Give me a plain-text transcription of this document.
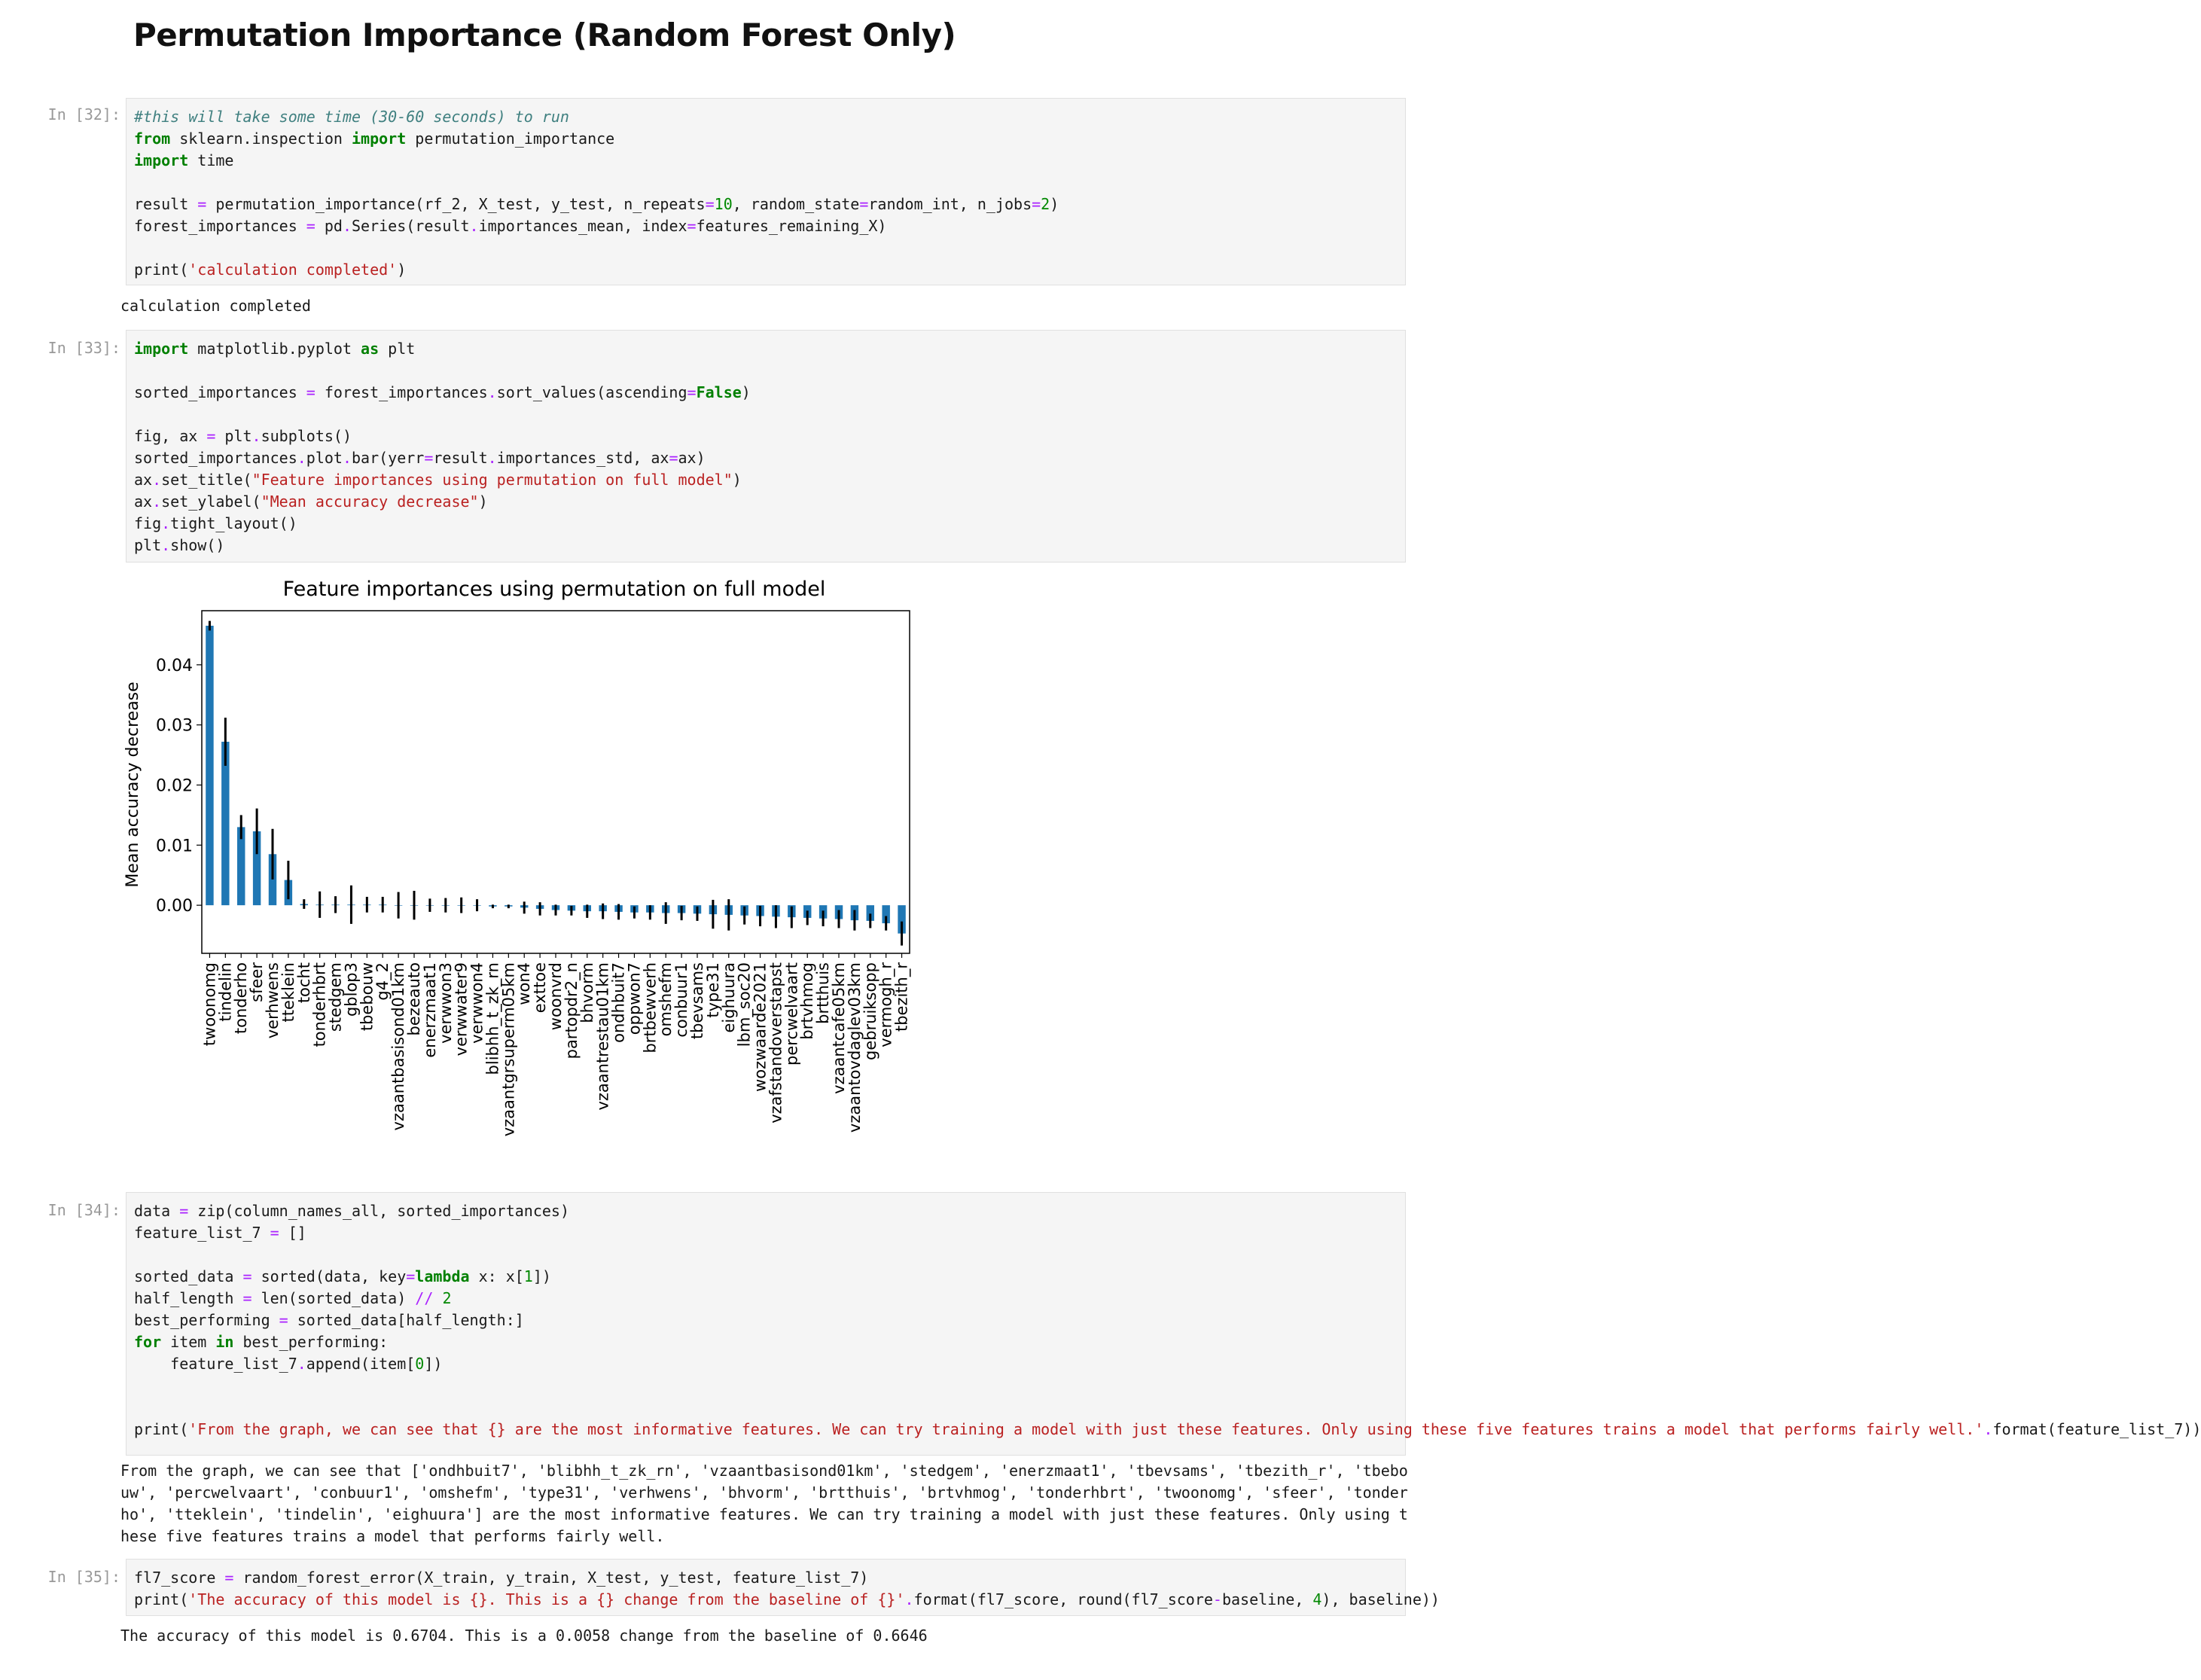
Permutation Importance (Random Forest Only)
In [32]: #this will take some time (30-60 seconds) to run
from sklearn.inspection import permutation_importance
import time

result = permutation_importance(rf_2, X_test, y_test, n_repeats=10, random_state=random_int, n_jobs=2)
forest_importances = pd.Series(result.importances_mean, index=features_remaining_X)

print('calculation completed')
calculation completed
In [33]: import matplotlib.pyplot as plt

sorted_importances = forest_importances.sort_values(ascending=False)

fig, ax = plt.subplots()
sorted_importances.plot.bar(yerr=result.importances_std, ax=ax)
ax.set_title("Feature importances using permutation on full model")
ax.set_ylabel("Mean accuracy decrease")
fig.tight_layout()
plt.show()
Feature importances using permutation on full model
Mean accuracy decrease
twoonomg
tindelin
tonderho
sfeer
verhwens
tteklein
tocht
tonderhbrt
stedgem
gblop3
tbebouw
g4_2
vzaantbasisond01km
bezeauto
enerzmaat1
verwwon3
verwwater9
verwwon4
blibhh_t_zk_rn
vzaantgrsuperm05km
won4
exttoe
woonvrd
partopdr2_n
bhvorm
vzaantrestau01km
ondhbuit7
oppwon7
brtbewverh
omshefm
conbuur1
tbevsams
type31
eighuura
lbm_soc20
wozwaarde2021
vzafstandoverstapst
percwelvaart
brtvhmog
brtthuis
vzaantcafe05km
vzaantovdaglev03km
gebruiksopp
vermogh_r
tbezith_r
0.00
0.01
0.02
0.03
0.04
In [34]: data = zip(column_names_all, sorted_importances)
feature_list_7 = []

sorted_data = sorted(data, key=lambda x: x[1])
half_length = len(sorted_data) // 2
best_performing = sorted_data[half_length:]
for item in best_performing:
feature_list_7.append(item[0])

print('From the graph, we can see that {} are the most informative features. We can try training a model with just these features. Only using these five features trains a model that performs fairly well.'.format(feature_list_7))
From the graph, we can see that ['ondhbuit7', 'blibhh_t_zk_rn', 'vzaantbasisond01km', 'stedgem', 'enerzmaat1', 'tbevsams', 'tbezith_r', 'tbebouw', 'percwelvaart', 'conbuur1', 'omshefm', 'type31', 'verhwens', 'bhvorm', 'brtthuis', 'brtvhmog', 'tonderhbrt', 'twoonomg', 'sfeer', 'tonderho', 'tteklein', 'tindelin', 'eighuura'] are the most informative features. We can try training a model with just these features. Only using these five features trains a model that performs fairly well.
In [35]: fl7_score = random_forest_error(X_train, y_train, X_test, y_test, feature_list_7)
print('The accuracy of this model is {}. This is a {} change from the baseline of {}'.format(fl7_score, round(fl7_score-baseline, 4), baseline))
The accuracy of this model is 0.6704. This is a 0.0058 change from the baseline of 0.6646
